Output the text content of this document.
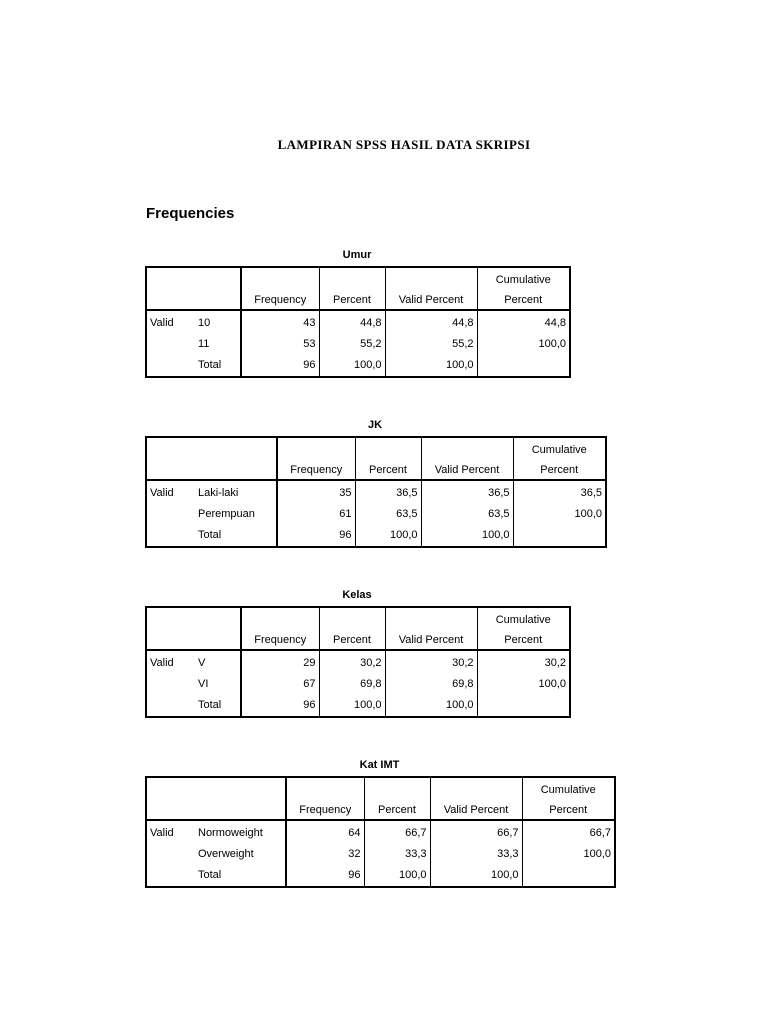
LAMPIRAN SPSS HASIL DATA SKRIPSI
Frequencies
Umur
					Cumulative
		Frequency	Percent	Valid Percent	Percent
Valid	10	43	44,8	44,8	44,8
	11	53	55,2	55,2	100,0
	Total	96	100,0	100,0	
JK
					Cumulative
		Frequency	Percent	Valid Percent	Percent
Valid	Laki-laki	35	36,5	36,5	36,5
	Perempuan	61	63,5	63,5	100,0
	Total	96	100,0	100,0	
Kelas
					Cumulative
		Frequency	Percent	Valid Percent	Percent
Valid	V	29	30,2	30,2	30,2
	VI	67	69,8	69,8	100,0
	Total	96	100,0	100,0	
Kat IMT
					Cumulative
		Frequency	Percent	Valid Percent	Percent
Valid	Normoweight	64	66,7	66,7	66,7
	Overweight	32	33,3	33,3	100,0
	Total	96	100,0	100,0	
